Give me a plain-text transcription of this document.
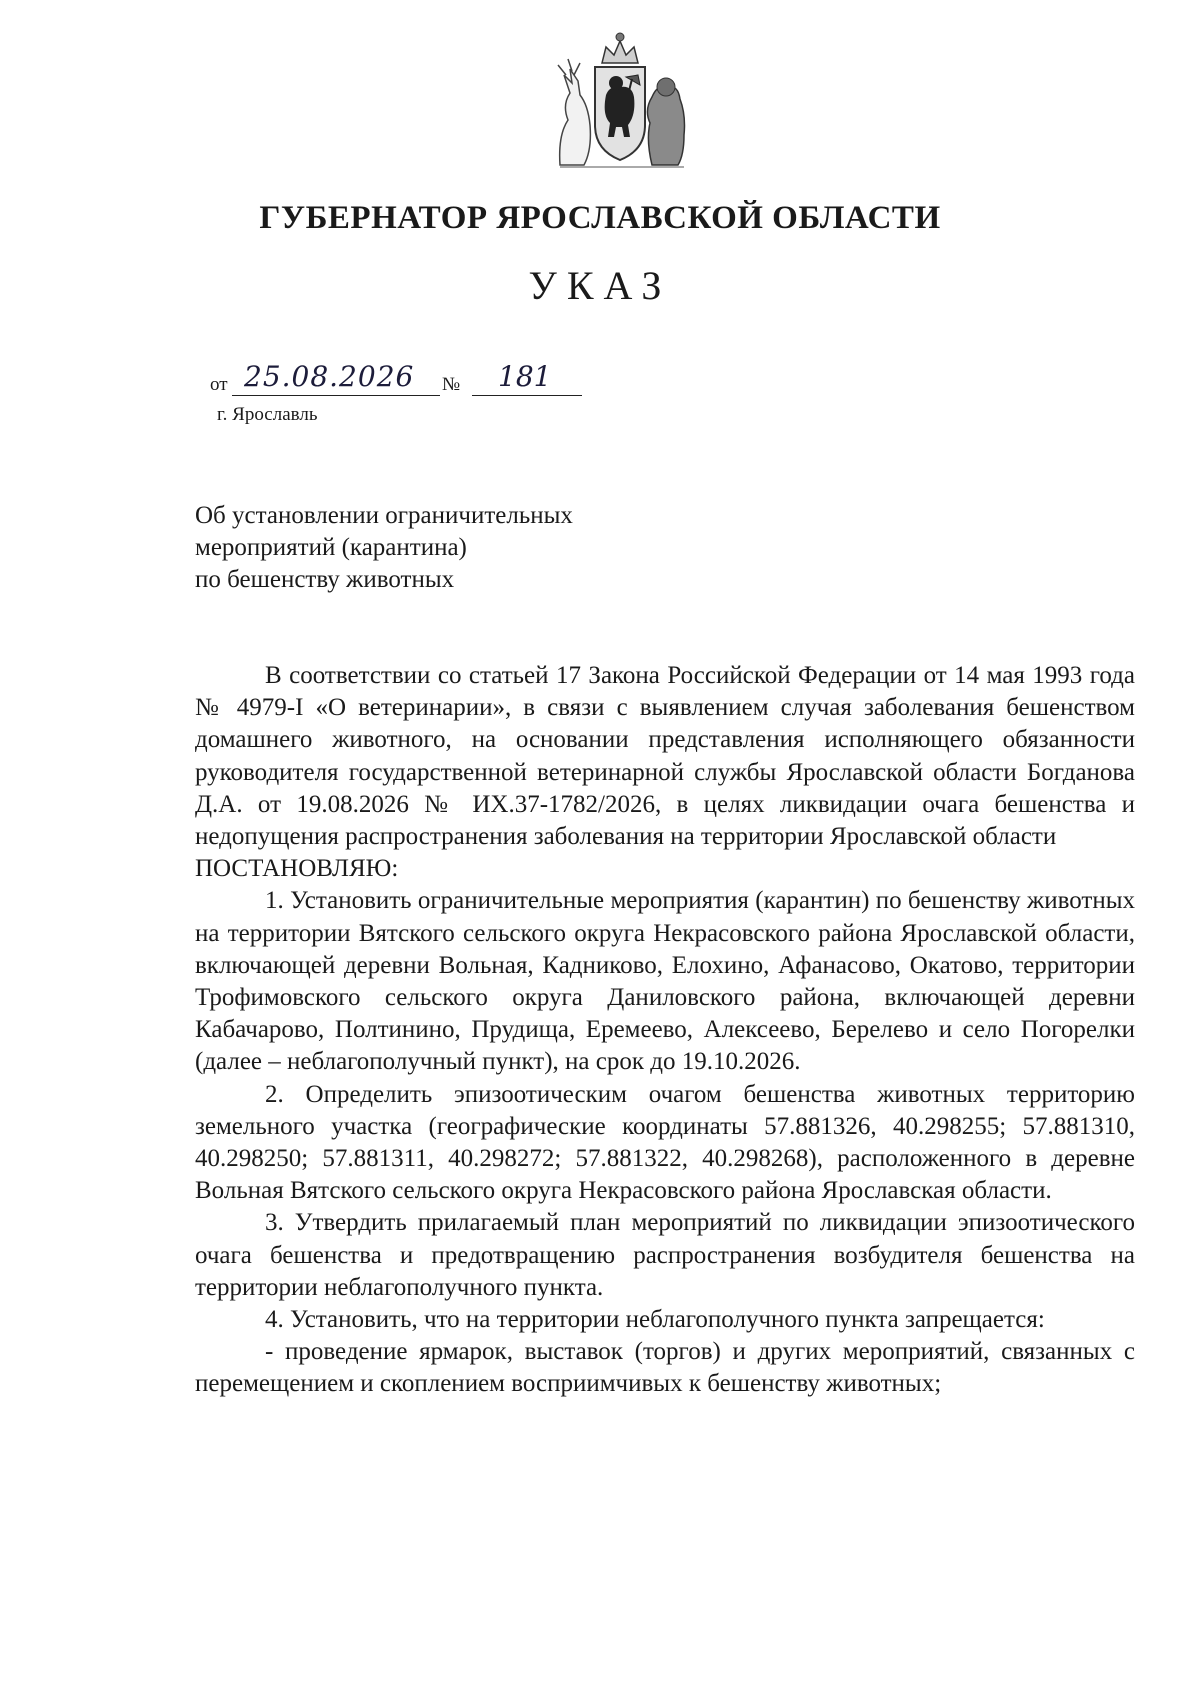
ГУБЕРНАТОР ЯРОСЛАВСКОЙ ОБЛАСТИ
УКАЗ
от 25.08.2026	№	181
г. Ярославль
Об установлении ограничительных
мероприятий (карантина)
по бешенству животных

В соответствии со статьей 17 Закона Российской Федерации от 14 мая 1993 года № 4979-I «О ветеринарии», в связи с выявлением случая заболевания бешенством домашнего животного, на основании представления исполняющего обязанности руководителя государственной ветеринарной службы Ярославской области Богданова Д.А. от 19.08.2026 № ИХ.37-1782/2026, в целях ликвидации очага бешенства и недопущения распространения заболевания на территории Ярославской области

ПОСТАНОВЛЯЮ:

1. Установить ограничительные мероприятия (карантин) по бешенству животных на территории Вятского сельского округа Некрасовского района Ярославской области, включающей деревни Вольная, Кадниково, Елохино, Афанасово, Окатово, территории Трофимовского сельского округа Даниловского района, включающей деревни Кабачарово, Полтинино, Прудища, Еремеево, Алексеево, Берелево и село Погорелки (далее – неблагополучный пункт), на срок до 19.10.2026.

2. Определить эпизоотическим очагом бешенства животных территорию земельного участка (географические координаты 57.881326, 40.298255; 57.881310, 40.298250; 57.881311, 40.298272; 57.881322, 40.298268), расположенного в деревне Вольная Вятского сельского округа Некрасовского района Ярославская области.

3. Утвердить прилагаемый план мероприятий по ликвидации эпизоотического очага бешенства и предотвращению распространения возбудителя бешенства на территории неблагополучного пункта.

4. Установить, что на территории неблагополучного пункта запрещается:

- проведение ярмарок, выставок (торгов) и других мероприятий, связанных с перемещением и скоплением восприимчивых к бешенству животных;
